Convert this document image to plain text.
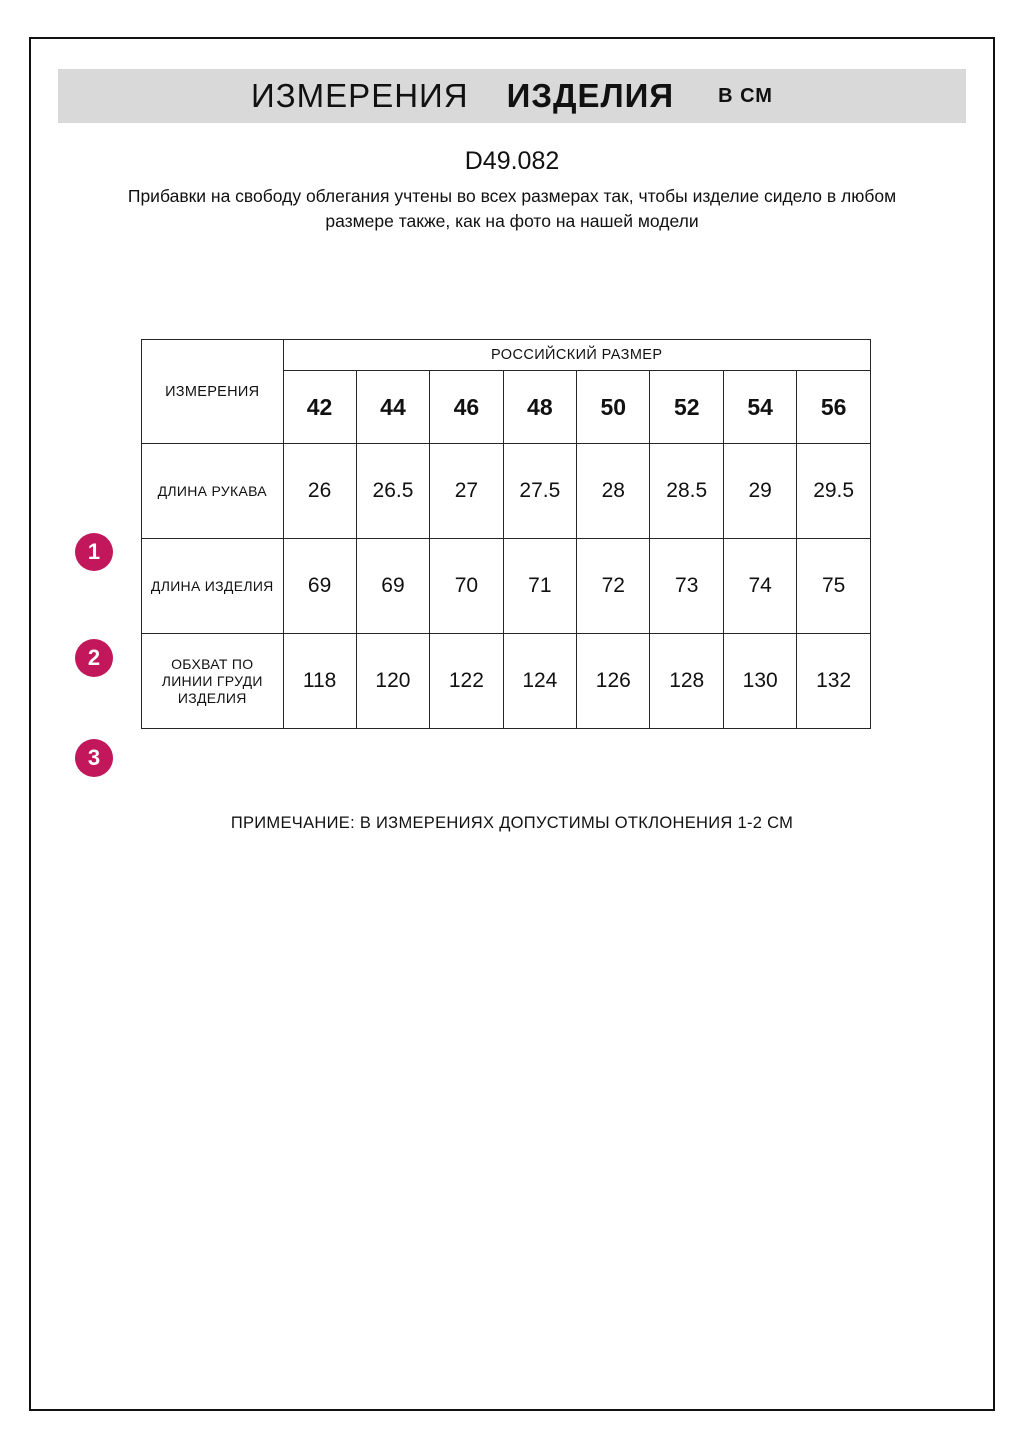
ИЗМЕРЕНИЯ ИЗДЕЛИЯ В СМ
D49.082
Прибавки на свободу облегания учтены во всех размерах так, чтобы изделие сидело в любом размере также, как на фото на нашей модели
ИЗМЕРЕНИЯ	РОССИЙСКИЙ РАЗМЕР							
	42	44	46	48	50	52	54	56
ДЛИНА РУКАВА	26	26.5	27	27.5	28	28.5	29	29.5
ДЛИНА ИЗДЕЛИЯ	69	69	70	71	72	73	74	75
ОБХВАТ ПО ЛИНИИ ГРУДИ ИЗДЕЛИЯ	118	120	122	124	126	128	130	132
1
2
3
ПРИМЕЧАНИЕ: В ИЗМЕРЕНИЯХ ДОПУСТИМЫ ОТКЛОНЕНИЯ 1-2 СМ
